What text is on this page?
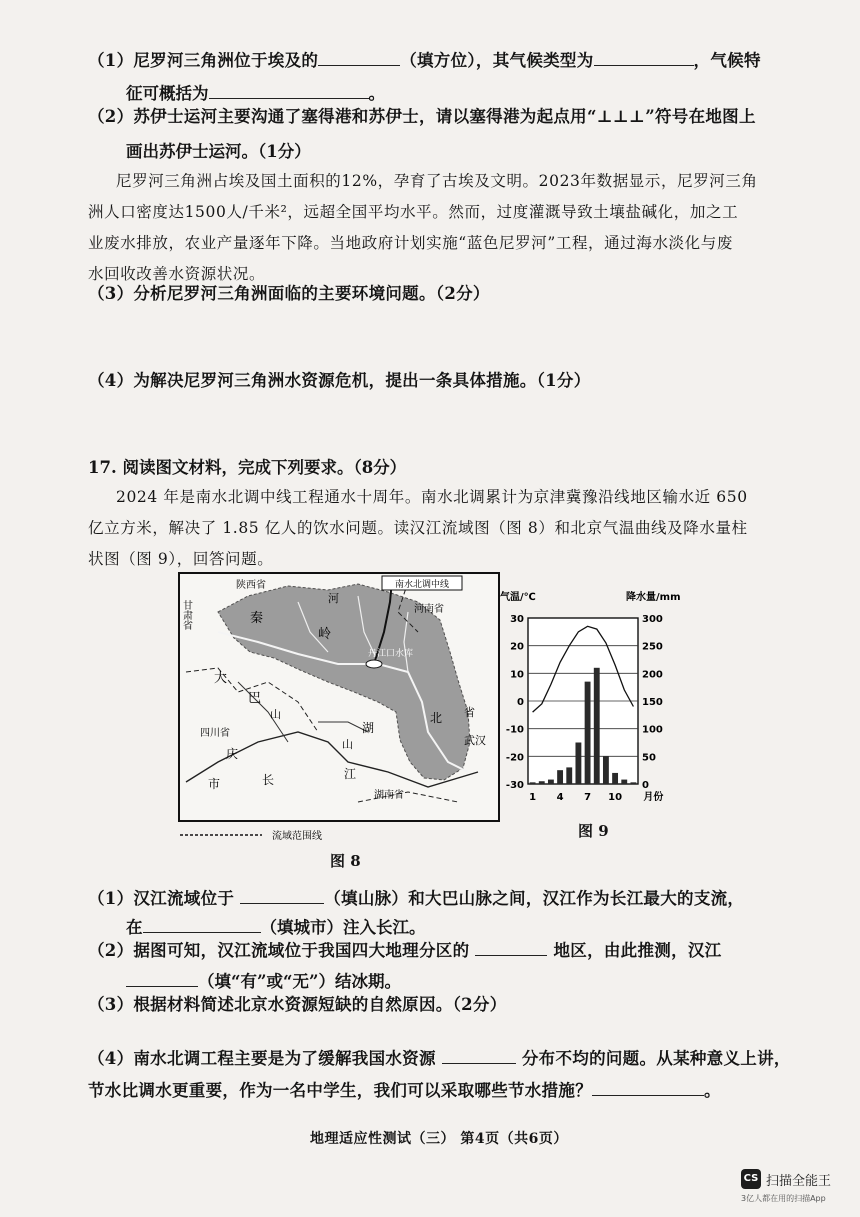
（1）尼罗河三角洲位于埃及的	（填方位），其气候类型为	，气候特
征可概括为	。
（2）苏伊士运河主要沟通了塞得港和苏伊士，请以塞得港为起点用“⊥⊥⊥”符号在地图上
画出苏伊士运河。（1分）
尼罗河三角洲占埃及国土面积的12%，孕育了古埃及文明。2023年数据显示，尼罗河三角
洲人口密度达1500人/千米²，远超全国平均水平。然而，过度灌溉导致土壤盐碱化，加之工
业废水排放，农业产量逐年下降。当地政府计划实施“蓝色尼罗河”工程，通过海水淡化与废
水回收改善水资源状况。
（3）分析尼罗河三角洲面临的主要环境问题。（2分）
（4）为解决尼罗河三角洲水资源危机，提出一条具体措施。（1分）
17. 阅读图文材料，完成下列要求。（8分）
2024 年是南水北调中线工程通水十周年。南水北调累计为京津冀豫沿线地区输水近 650
亿立方米，解决了 1.85 亿人的饮水问题。读汉江流域图（图 8）和北京气温曲线及降水量柱
状图（图 9），回答问题。
南水北调中线
陕西省
甘肃省	河南省
四川省
湖南省
武汉
丹江口水库
省
秦
岭
河
大
巴
山
庆
市	长	江
湖
北
山
流域范围线
图 8
气温/℃	降水量/mm
30
20
10
0
-10
-20
-30
300
250
200
150
100
50
0
1 4 7 10 月份
图 9
（1）汉江流域位于	（填山脉）和大巴山脉之间，汉江作为长江最大的支流，
在	（填城市）注入长江。
（2）据图可知，汉江流域位于我国四大地理分区的	地区，由此推测，汉江
（填“有”或“无”）结冰期。
（3）根据材料简述北京水资源短缺的自然原因。（2分）
（4）南水北调工程主要是为了缓解我国水资源	分布不均的问题。从某种意义上讲，
节水比调水更重要，作为一名中学生，我们可以采取哪些节水措施？	。
地理适应性测试（三） 第4页（共6页）
CS 扫描全能王
3亿人都在用的扫描App
